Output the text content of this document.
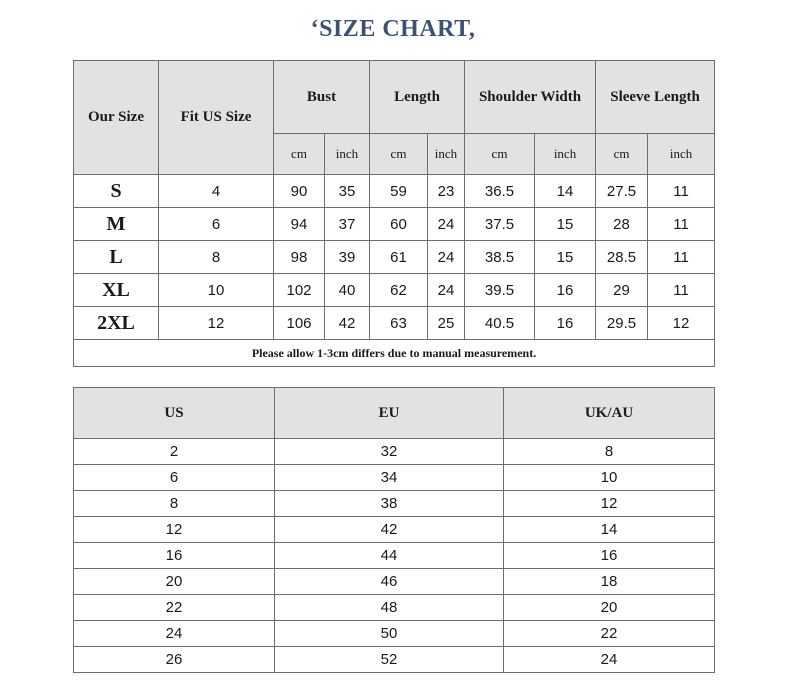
‘SIZE CHART,
Our Size	Fit US Size	Bust		Length		Shoulder Width		Sleeve Length	
		cm	inch	cm	inch	cm	inch	cm	inch
S	4	90	35	59	23	36.5	14	27.5	11
M	6	94	37	60	24	37.5	15	28	11
L	8	98	39	61	24	38.5	15	28.5	11
XL	10	102	40	62	24	39.5	16	29	11
2XL	12	106	42	63	25	40.5	16	29.5	12
Please allow 1-3cm differs due to manual measurement.									
US	EU	UK/AU
2	32	8
6	34	10
8	38	12
12	42	14
16	44	16
20	46	18
22	48	20
24	50	22
26	52	24
